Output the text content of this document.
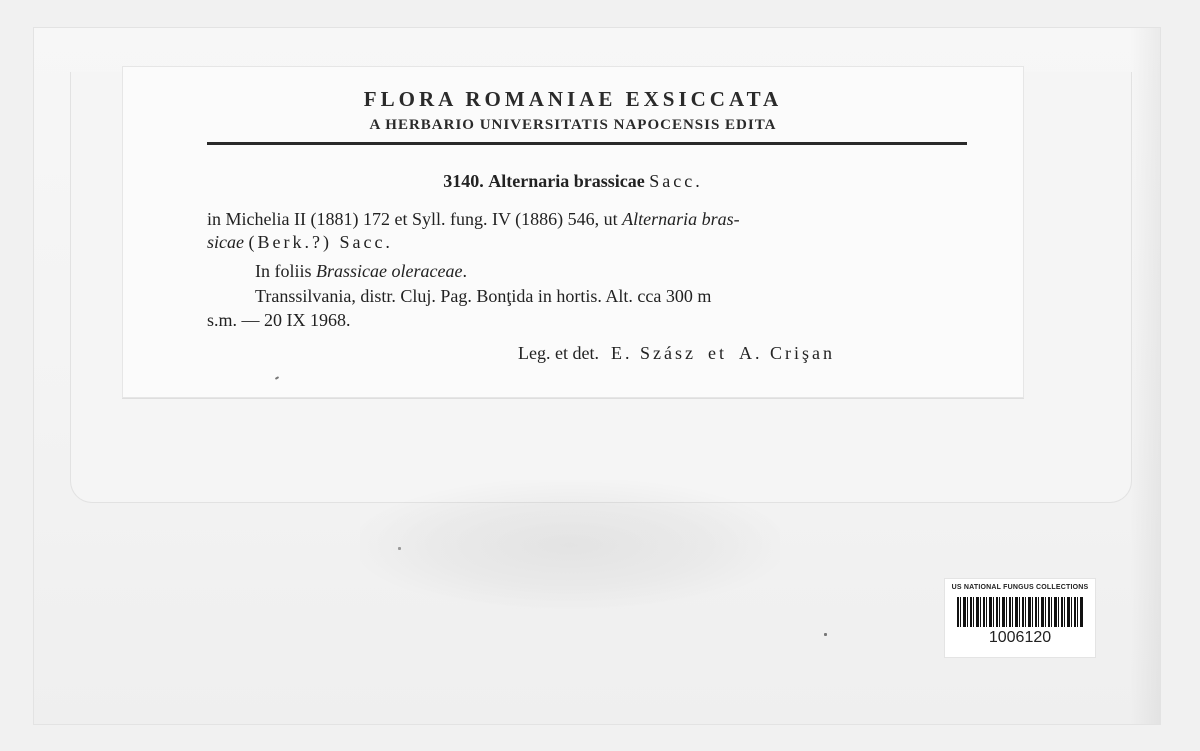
FLORA ROMANIAE EXSICCATA
A HERBARIO UNIVERSITATIS NAPOCENSIS EDITA
3140. Alternaria brassicae Sacc.
in Michelia II (1881) 172 et Syll. fung. IV (1886) 546, ut Alternaria bras-
sicae (Berk.?) Sacc.
In foliis Brassicae oleraceae.
Transsilvania, distr. Cluj. Pag. Bonţida in hortis. Alt. cca 300 m
s.m. — 20 IX 1968.
Leg. et det. E. Szász et A. Crişan
US NATIONAL FUNGUS COLLECTIONS
1006120
